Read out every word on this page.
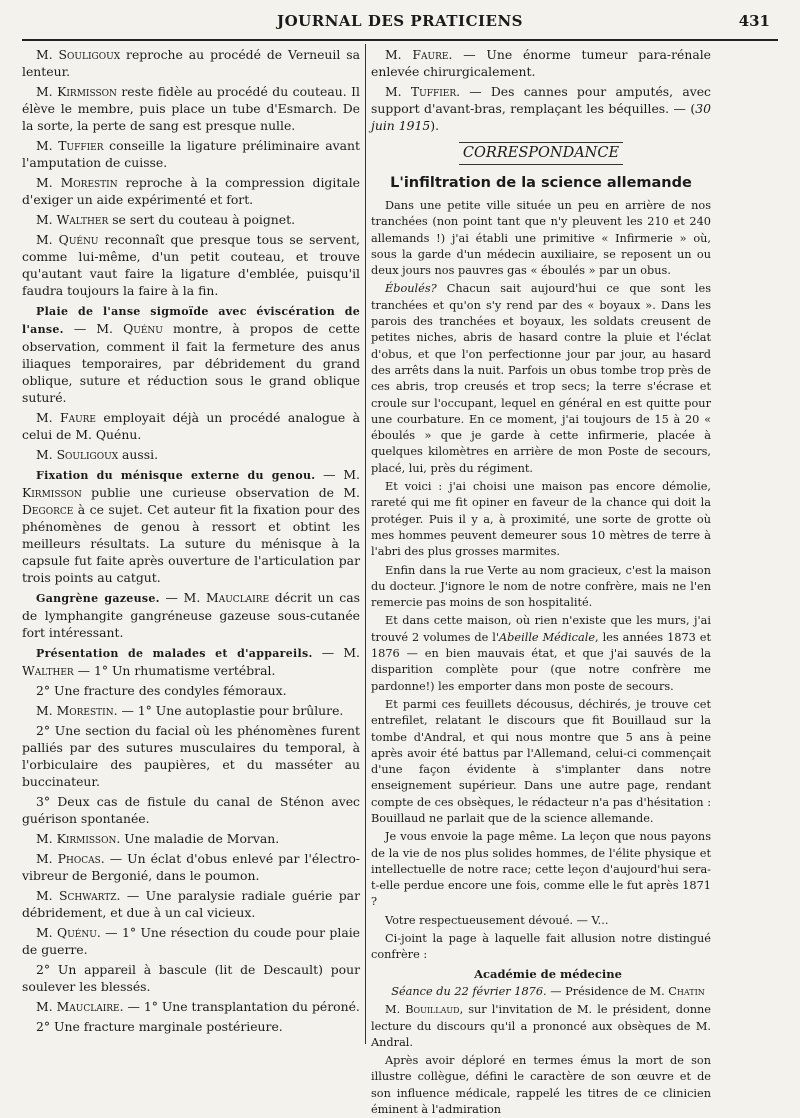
JOURNAL DES PRATICIENS	431

M. Souligoux reproche au procédé de Verneuil sa lenteur.

M. Kirmisson reste fidèle au procédé du couteau. Il élève le membre, puis place un tube d'Esmarch. De la sorte, la perte de sang est presque nulle.

M. Tuffier conseille la ligature préliminaire avant l'amputation de cuisse.

M. Morestin reproche à la compression digitale d'exiger un aide expérimenté et fort.

M. Walther se sert du couteau à poignet.

M. Quénu reconnaît que presque tous se servent, comme lui-même, d'un petit couteau, et trouve qu'autant vaut faire la ligature d'emblée, puisqu'il faudra toujours la faire à la fin.

Plaie de l'anse sigmoïde avec éviscération de l'anse. — M. Quénu montre, à propos de cette observation, comment il fait la fermeture des anus iliaques temporaires, par débridement du grand oblique, suture et réduction sous le grand oblique suturé.

M. Faure employait déjà un procédé analogue à celui de M. Quénu.

M. Souligoux aussi.

Fixation du ménisque externe du genou. — M. Kirmisson publie une curieuse observation de M. Degorce à ce sujet. Cet auteur fit la fixation pour des phénomènes de genou à ressort et obtint les meilleurs résultats. La suture du ménisque à la capsule fut faite après ouverture de l'articulation par trois points au catgut.

Gangrène gazeuse. — M. Mauclaire décrit un cas de lymphangite gangréneuse gazeuse sous-cutanée fort intéressant.

Présentation de malades et d'appareils. — M. Walther — 1° Un rhumatisme vertébral.

2° Une fracture des condyles fémoraux.

M. Morestin. — 1° Une autoplastie pour brûlure.

2° Une section du facial où les phénomènes furent palliés par des sutures musculaires du temporal, à l'orbiculaire des paupières, et du masséter au buccinateur.

3° Deux cas de fistule du canal de Sténon avec guérison spontanée.

M. Kirmisson. Une maladie de Morvan.

M. Phocas. — Un éclat d'obus enlevé par l'électro-vibreur de Bergonié, dans le poumon.

M. Schwartz. — Une paralysie radiale guérie par débridement, et due à un cal vicieux.

M. Quénu. — 1° Une résection du coude pour plaie de guerre.

2° Un appareil à bascule (lit de Descault) pour soulever les blessés.

M. Mauclaire. — 1° Une transplantation du péroné.

2° Une fracture marginale postérieure.

M. Faure. — Une énorme tumeur para-rénale enlevée chirurgicalement.

M. Tuffier. — Des cannes pour amputés, avec support d'avant-bras, remplaçant les béquilles. — (30 juin 1915).

CORRESPONDANCE
L'infiltration de la science allemande

Dans une petite ville située un peu en arrière de nos tranchées (non point tant que n'y pleuvent les 210 et 240 allemands !) j'ai établi une primitive « Infirmerie » où, sous la garde d'un médecin auxiliaire, se reposent un ou deux jours nos pauvres gas « éboulés » par un obus.

Éboulés? Chacun sait aujourd'hui ce que sont les tranchées et qu'on s'y rend par des « boyaux ». Dans les parois des tranchées et boyaux, les soldats creusent de petites niches, abris de hasard contre la pluie et l'éclat d'obus, et que l'on perfectionne jour par jour, au hasard des arrêts dans la nuit. Parfois un obus tombe trop près de ces abris, trop creusés et trop secs; la terre s'écrase et croule sur l'occupant, lequel en général en est quitte pour une courbature. En ce moment, j'ai toujours de 15 à 20 « éboulés » que je garde à cette infirmerie, placée à quelques kilomètres en arrière de mon Poste de secours, placé, lui, près du régiment.

Et voici : j'ai choisi une maison pas encore démolie, rareté qui me fit opiner en faveur de la chance qui doit la protéger. Puis il y a, à proximité, une sorte de grotte où mes hommes peuvent demeurer sous 10 mètres de terre à l'abri des plus grosses marmites.

Enfin dans la rue Verte au nom gracieux, c'est la maison du docteur. J'ignore le nom de notre confrère, mais ne l'en remercie pas moins de son hospitalité.

Et dans cette maison, où rien n'existe que les murs, j'ai trouvé 2 volumes de l'Abeille Médicale, les années 1873 et 1876 — en bien mauvais état, et que j'ai sauvés de la disparition complète pour (que notre confrère me pardonne!) les emporter dans mon poste de secours.

Et parmi ces feuillets décousus, déchirés, je trouve cet entrefilet, relatant le discours que fit Bouillaud sur la tombe d'Andral, et qui nous montre que 5 ans à peine après avoir été battus par l'Allemand, celui-ci commençait d'une façon évidente à s'implanter dans notre enseignement supérieur. Dans une autre page, rendant compte de ces obsèques, le rédacteur n'a pas d'hésitation : Bouillaud ne parlait que de la science allemande.

Je vous envoie la page même. La leçon que nous payons de la vie de nos plus solides hommes, de l'élite physique et intellectuelle de notre race; cette leçon d'aujourd'hui sera-t-elle perdue encore une fois, comme elle le fut après 1871 ?

Votre respectueusement dévoué. — V...

Ci-joint la page à laquelle fait allusion notre distingué confrère :

Académie de médecine

Séance du 22 février 1876. — Présidence de M. Chatin

M. Bouillaud, sur l'invitation de M. le président, donne lecture du discours qu'il a prononcé aux obsèques de M. Andral.

Après avoir déploré en termes émus la mort de son illustre collègue, défini le caractère de son œuvre et de son influence médicale, rappelé les titres de ce clinicien éminent à l'admiration
